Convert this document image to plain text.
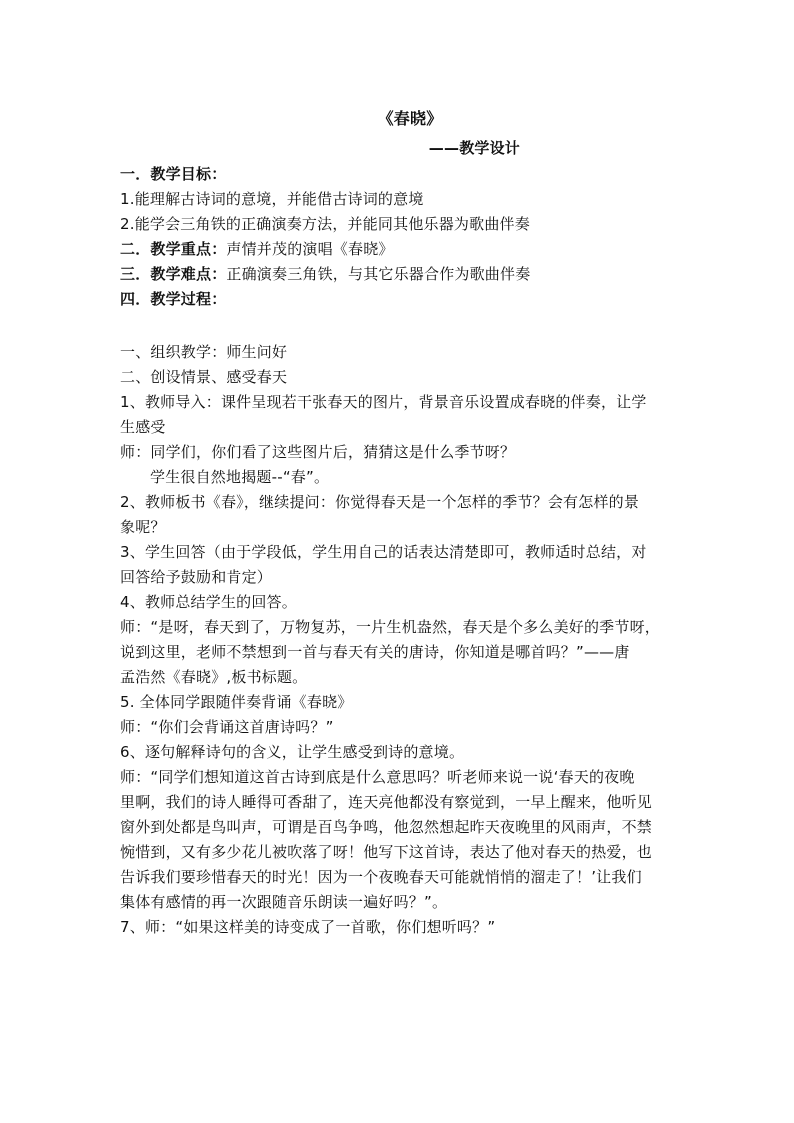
《春晓》
——教学设计
一．教学目标：
1.能理解古诗词的意境，并能借古诗词的意境
2.能学会三角铁的正确演奏方法，并能同其他乐器为歌曲伴奏
二．教学重点：声情并茂的演唱《春晓》
三．教学难点：正确演奏三角铁，与其它乐器合作为歌曲伴奏
四．教学过程：
一、组织教学：师生问好
二、创设情景、感受春天
1、教师导入：课件呈现若干张春天的图片，背景音乐设置成春晓的伴奏，让学
生感受
师：同学们，你们看了这些图片后，猜猜这是什么季节呀？
学生很自然地揭题--“春”。
2、教师板书《春》，继续提问：你觉得春天是一个怎样的季节？会有怎样的景
象呢？
3、学生回答（由于学段低，学生用自己的话表达清楚即可，教师适时总结，对
回答给予鼓励和肯定）
4、教师总结学生的回答。
师：“是呀，春天到了，万物复苏，一片生机盎然，春天是个多么美好的季节呀，
说到这里，老师不禁想到一首与春天有关的唐诗，你知道是哪首吗？”——唐
孟浩然《春晓》,板书标题。
5. 全体同学跟随伴奏背诵《春晓》
师：“你们会背诵这首唐诗吗？”
6、逐句解释诗句的含义，让学生感受到诗的意境。
师：“同学们想知道这首古诗到底是什么意思吗？听老师来说一说‘春天的夜晚
里啊，我们的诗人睡得可香甜了，连天亮他都没有察觉到，一早上醒来，他听见
窗外到处都是鸟叫声，可谓是百鸟争鸣，他忽然想起昨天夜晚里的风雨声，不禁
惋惜到，又有多少花儿被吹落了呀！他写下这首诗，表达了他对春天的热爱，也
告诉我们要珍惜春天的时光！因为一个夜晚春天可能就悄悄的溜走了！’让我们
集体有感情的再一次跟随音乐朗读一遍好吗？”。
7、师：“如果这样美的诗变成了一首歌，你们想听吗？”
